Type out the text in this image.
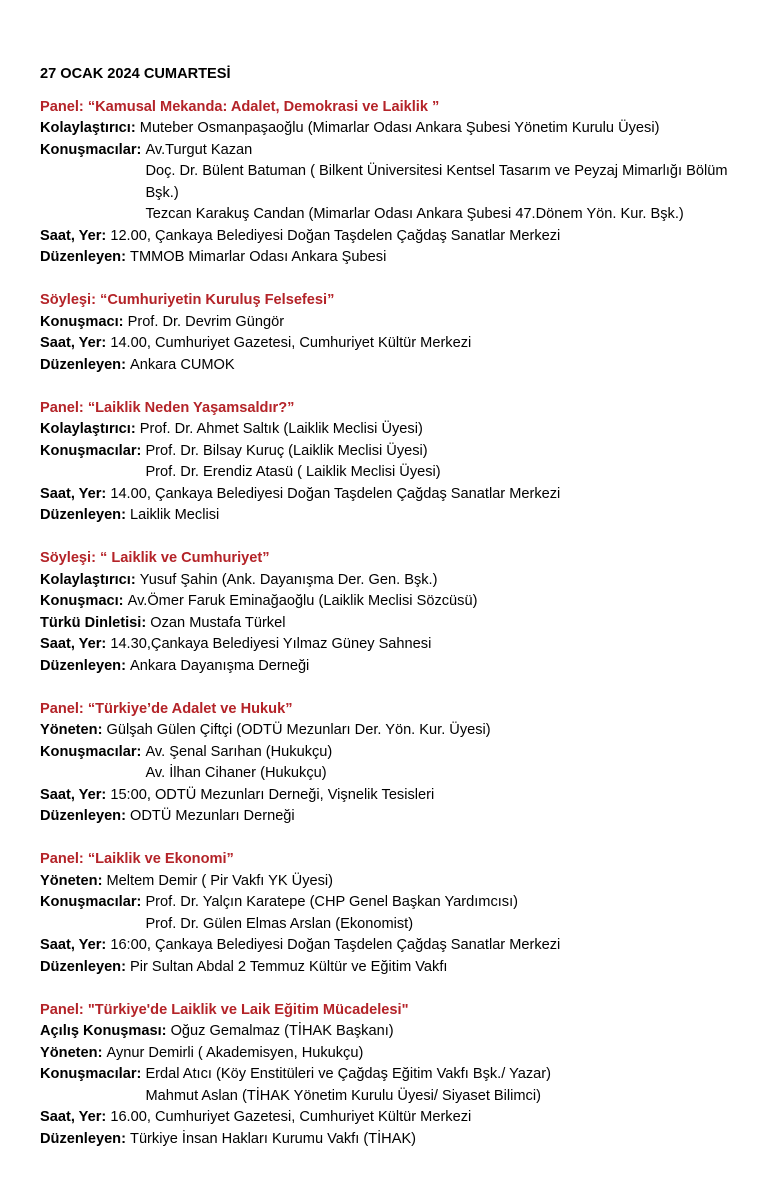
27 OCAK 2024 CUMARTESİ
Panel: “Kamusal Mekanda: Adalet, Demokrasi ve Laiklik ”
Kolaylaştırıcı:
Muteber Osmanpaşaoğlu (Mimarlar Odası Ankara Şubesi Yönetim Kurulu Üyesi)
Konuşmacılar:
Av.Turgut Kazan
Doç. Dr. Bülent Batuman ( Bilkent Üniversitesi Kentsel Tasarım ve Peyzaj Mimarlığı Bölüm Bşk.)
Tezcan Karakuş Candan (Mimarlar Odası Ankara Şubesi 47.Dönem Yön. Kur. Bşk.)
Saat, Yer:
12.00, Çankaya Belediyesi Doğan Taşdelen Çağdaş Sanatlar Merkezi
Düzenleyen:
TMMOB Mimarlar Odası Ankara Şubesi
Söyleşi: “Cumhuriyetin Kuruluş Felsefesi”
Konuşmacı:
Prof. Dr. Devrim Güngör
Saat, Yer:
14.00, Cumhuriyet Gazetesi, Cumhuriyet Kültür Merkezi
Düzenleyen:
Ankara CUMOK
Panel: “Laiklik Neden Yaşamsaldır?”
Kolaylaştırıcı:
Prof. Dr. Ahmet Saltık (Laiklik Meclisi Üyesi)
Konuşmacılar:
Prof. Dr. Bilsay Kuruç (Laiklik Meclisi Üyesi)
Prof. Dr. Erendiz Atasü ( Laiklik Meclisi Üyesi)
Saat, Yer:
14.00, Çankaya Belediyesi Doğan Taşdelen Çağdaş Sanatlar Merkezi
Düzenleyen:
Laiklik Meclisi
Söyleşi: “ Laiklik ve Cumhuriyet”
Kolaylaştırıcı:
Yusuf Şahin (Ank. Dayanışma Der. Gen. Bşk.)
Konuşmacı:
Av.Ömer Faruk Eminağaoğlu (Laiklik Meclisi Sözcüsü)
Türkü Dinletisi:
Ozan Mustafa Türkel
Saat, Yer:
14.30,Çankaya Belediyesi Yılmaz Güney Sahnesi
Düzenleyen:
Ankara Dayanışma Derneği
Panel: “Türkiye’de Adalet ve Hukuk”
Yöneten:
Gülşah Gülen Çiftçi (ODTÜ Mezunları Der. Yön. Kur. Üyesi)
Konuşmacılar:
Av. Şenal Sarıhan (Hukukçu)
Av. İlhan Cihaner (Hukukçu)
Saat, Yer:
15:00, ODTÜ Mezunları Derneği, Vişnelik Tesisleri
Düzenleyen:
ODTÜ Mezunları Derneği
Panel: “Laiklik ve Ekonomi”
Yöneten:
Meltem Demir ( Pir Vakfı YK Üyesi)
Konuşmacılar:
Prof. Dr. Yalçın Karatepe (CHP Genel Başkan Yardımcısı)
Prof. Dr. Gülen Elmas Arslan (Ekonomist)
Saat, Yer:
16:00, Çankaya Belediyesi Doğan Taşdelen Çağdaş Sanatlar Merkezi
Düzenleyen:
Pir Sultan Abdal 2 Temmuz Kültür ve Eğitim Vakfı
Panel: "Türkiye'de Laiklik ve Laik Eğitim Mücadelesi"
Açılış Konuşması:
Oğuz Gemalmaz (TİHAK Başkanı)
Yöneten:
Aynur Demirli ( Akademisyen, Hukukçu)
Konuşmacılar:
Erdal Atıcı (Köy Enstitüleri ve Çağdaş Eğitim Vakfı Bşk./ Yazar)
Mahmut Aslan (TİHAK Yönetim Kurulu Üyesi/ Siyaset Bilimci)
Saat, Yer:
16.00, Cumhuriyet Gazetesi, Cumhuriyet Kültür Merkezi
Düzenleyen:
Türkiye İnsan Hakları Kurumu Vakfı (TİHAK)
